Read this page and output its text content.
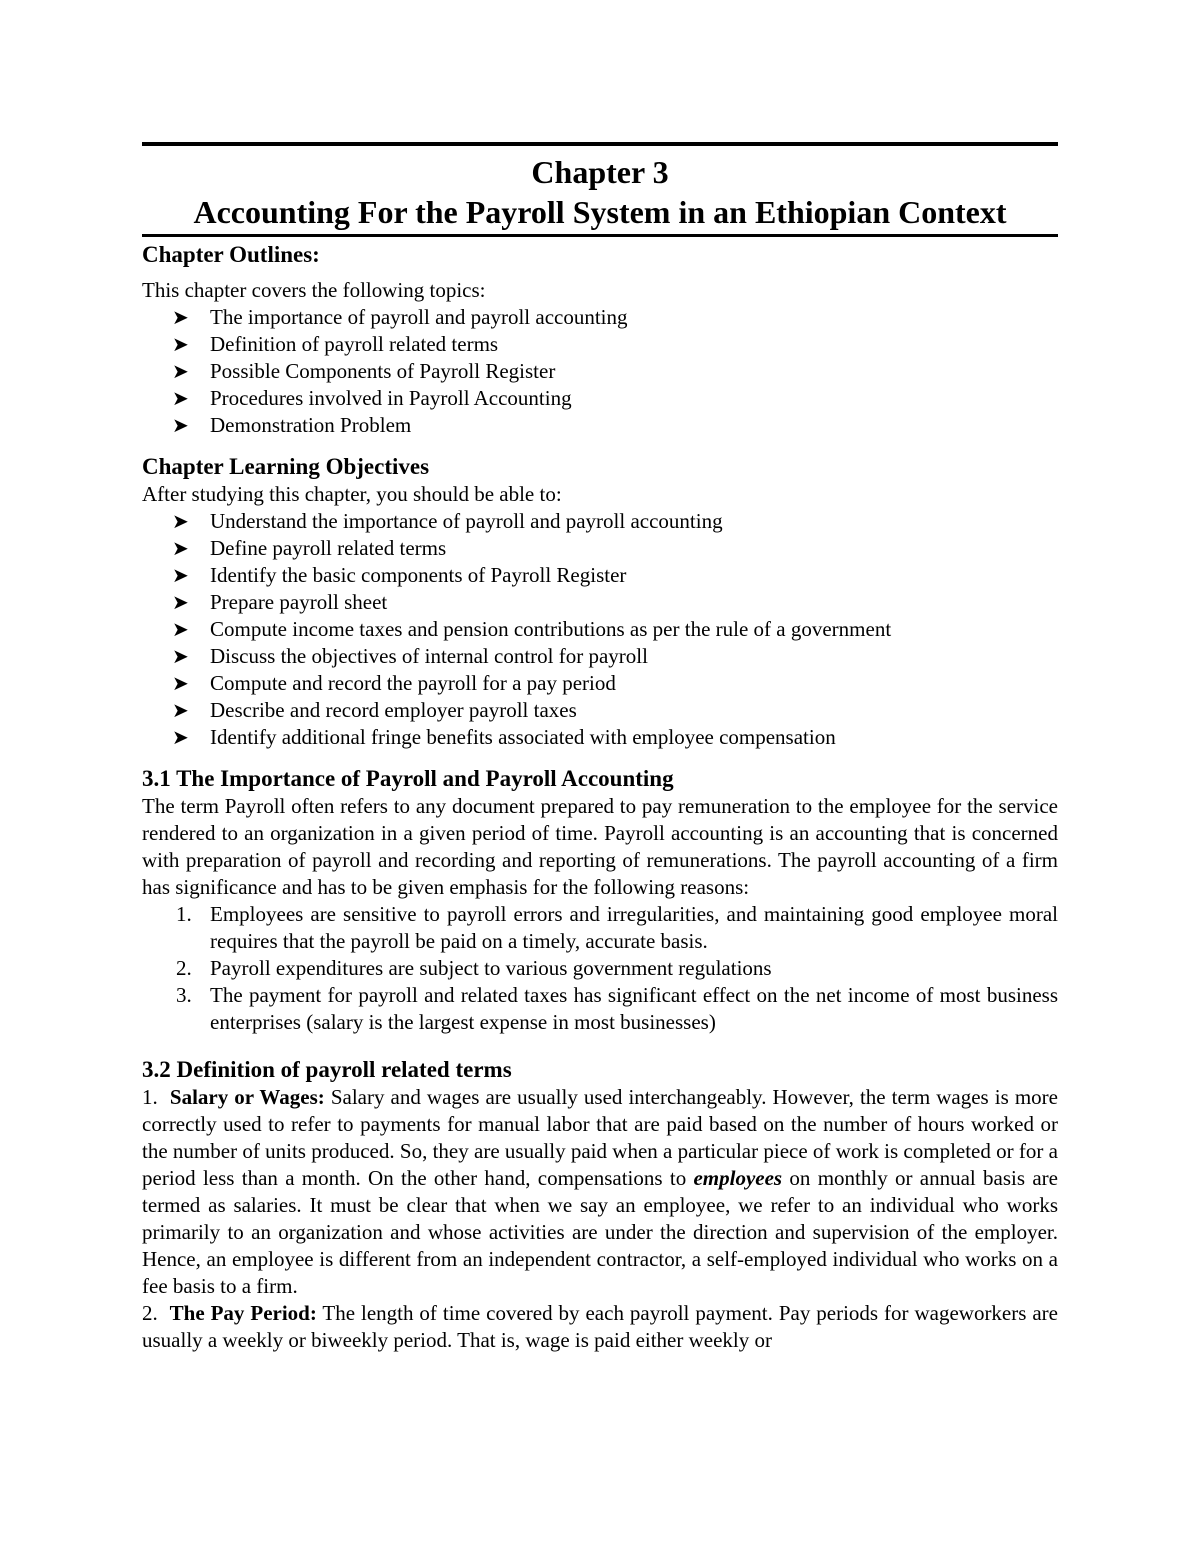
Chapter 3
Accounting For the Payroll System in an Ethiopian Context
Chapter Outlines:
This chapter covers the following topics:
➤ The importance of payroll and payroll accounting
➤ Definition of payroll related terms
➤ Possible Components of Payroll Register
➤ Procedures involved in Payroll Accounting
➤ Demonstration Problem
Chapter Learning Objectives
After studying this chapter, you should be able to:
➤ Understand the importance of payroll and payroll accounting
➤ Define payroll related terms
➤ Identify the basic components of Payroll Register
➤ Prepare payroll sheet
➤ Compute income taxes and pension contributions as per the rule of a government
➤ Discuss the objectives of internal control for payroll
➤ Compute and record the payroll for a pay period
➤ Describe and record employer payroll taxes
➤ Identify additional fringe benefits associated with employee compensation
3.1 The Importance of Payroll and Payroll Accounting
The term Payroll often refers to any document prepared to pay remuneration to the employee for the service rendered to an organization in a given period of time. Payroll accounting is an accounting that is concerned with preparation of payroll and recording and reporting of remunerations. The payroll accounting of a firm has significance and has to be given emphasis for the following reasons:
1. Employees are sensitive to payroll errors and irregularities, and maintaining good employee moral requires that the payroll be paid on a timely, accurate basis.
2. Payroll expenditures are subject to various government regulations
3. The payment for payroll and related taxes has significant effect on the net income of most business enterprises (salary is the largest expense in most businesses)
3.2 Definition of payroll related terms
1. Salary or Wages: Salary and wages are usually used interchangeably. However, the term wages is more correctly used to refer to payments for manual labor that are paid based on the number of hours worked or the number of units produced. So, they are usually paid when a particular piece of work is completed or for a period less than a month. On the other hand, compensations to employees on monthly or annual basis are termed as salaries. It must be clear that when we say an employee, we refer to an individual who works primarily to an organization and whose activities are under the direction and supervision of the employer. Hence, an employee is different from an independent contractor, a self-employed individual who works on a fee basis to a firm.
2. The Pay Period: The length of time covered by each payroll payment. Pay periods for wageworkers are usually a weekly or biweekly period. That is, wage is paid either weekly or
